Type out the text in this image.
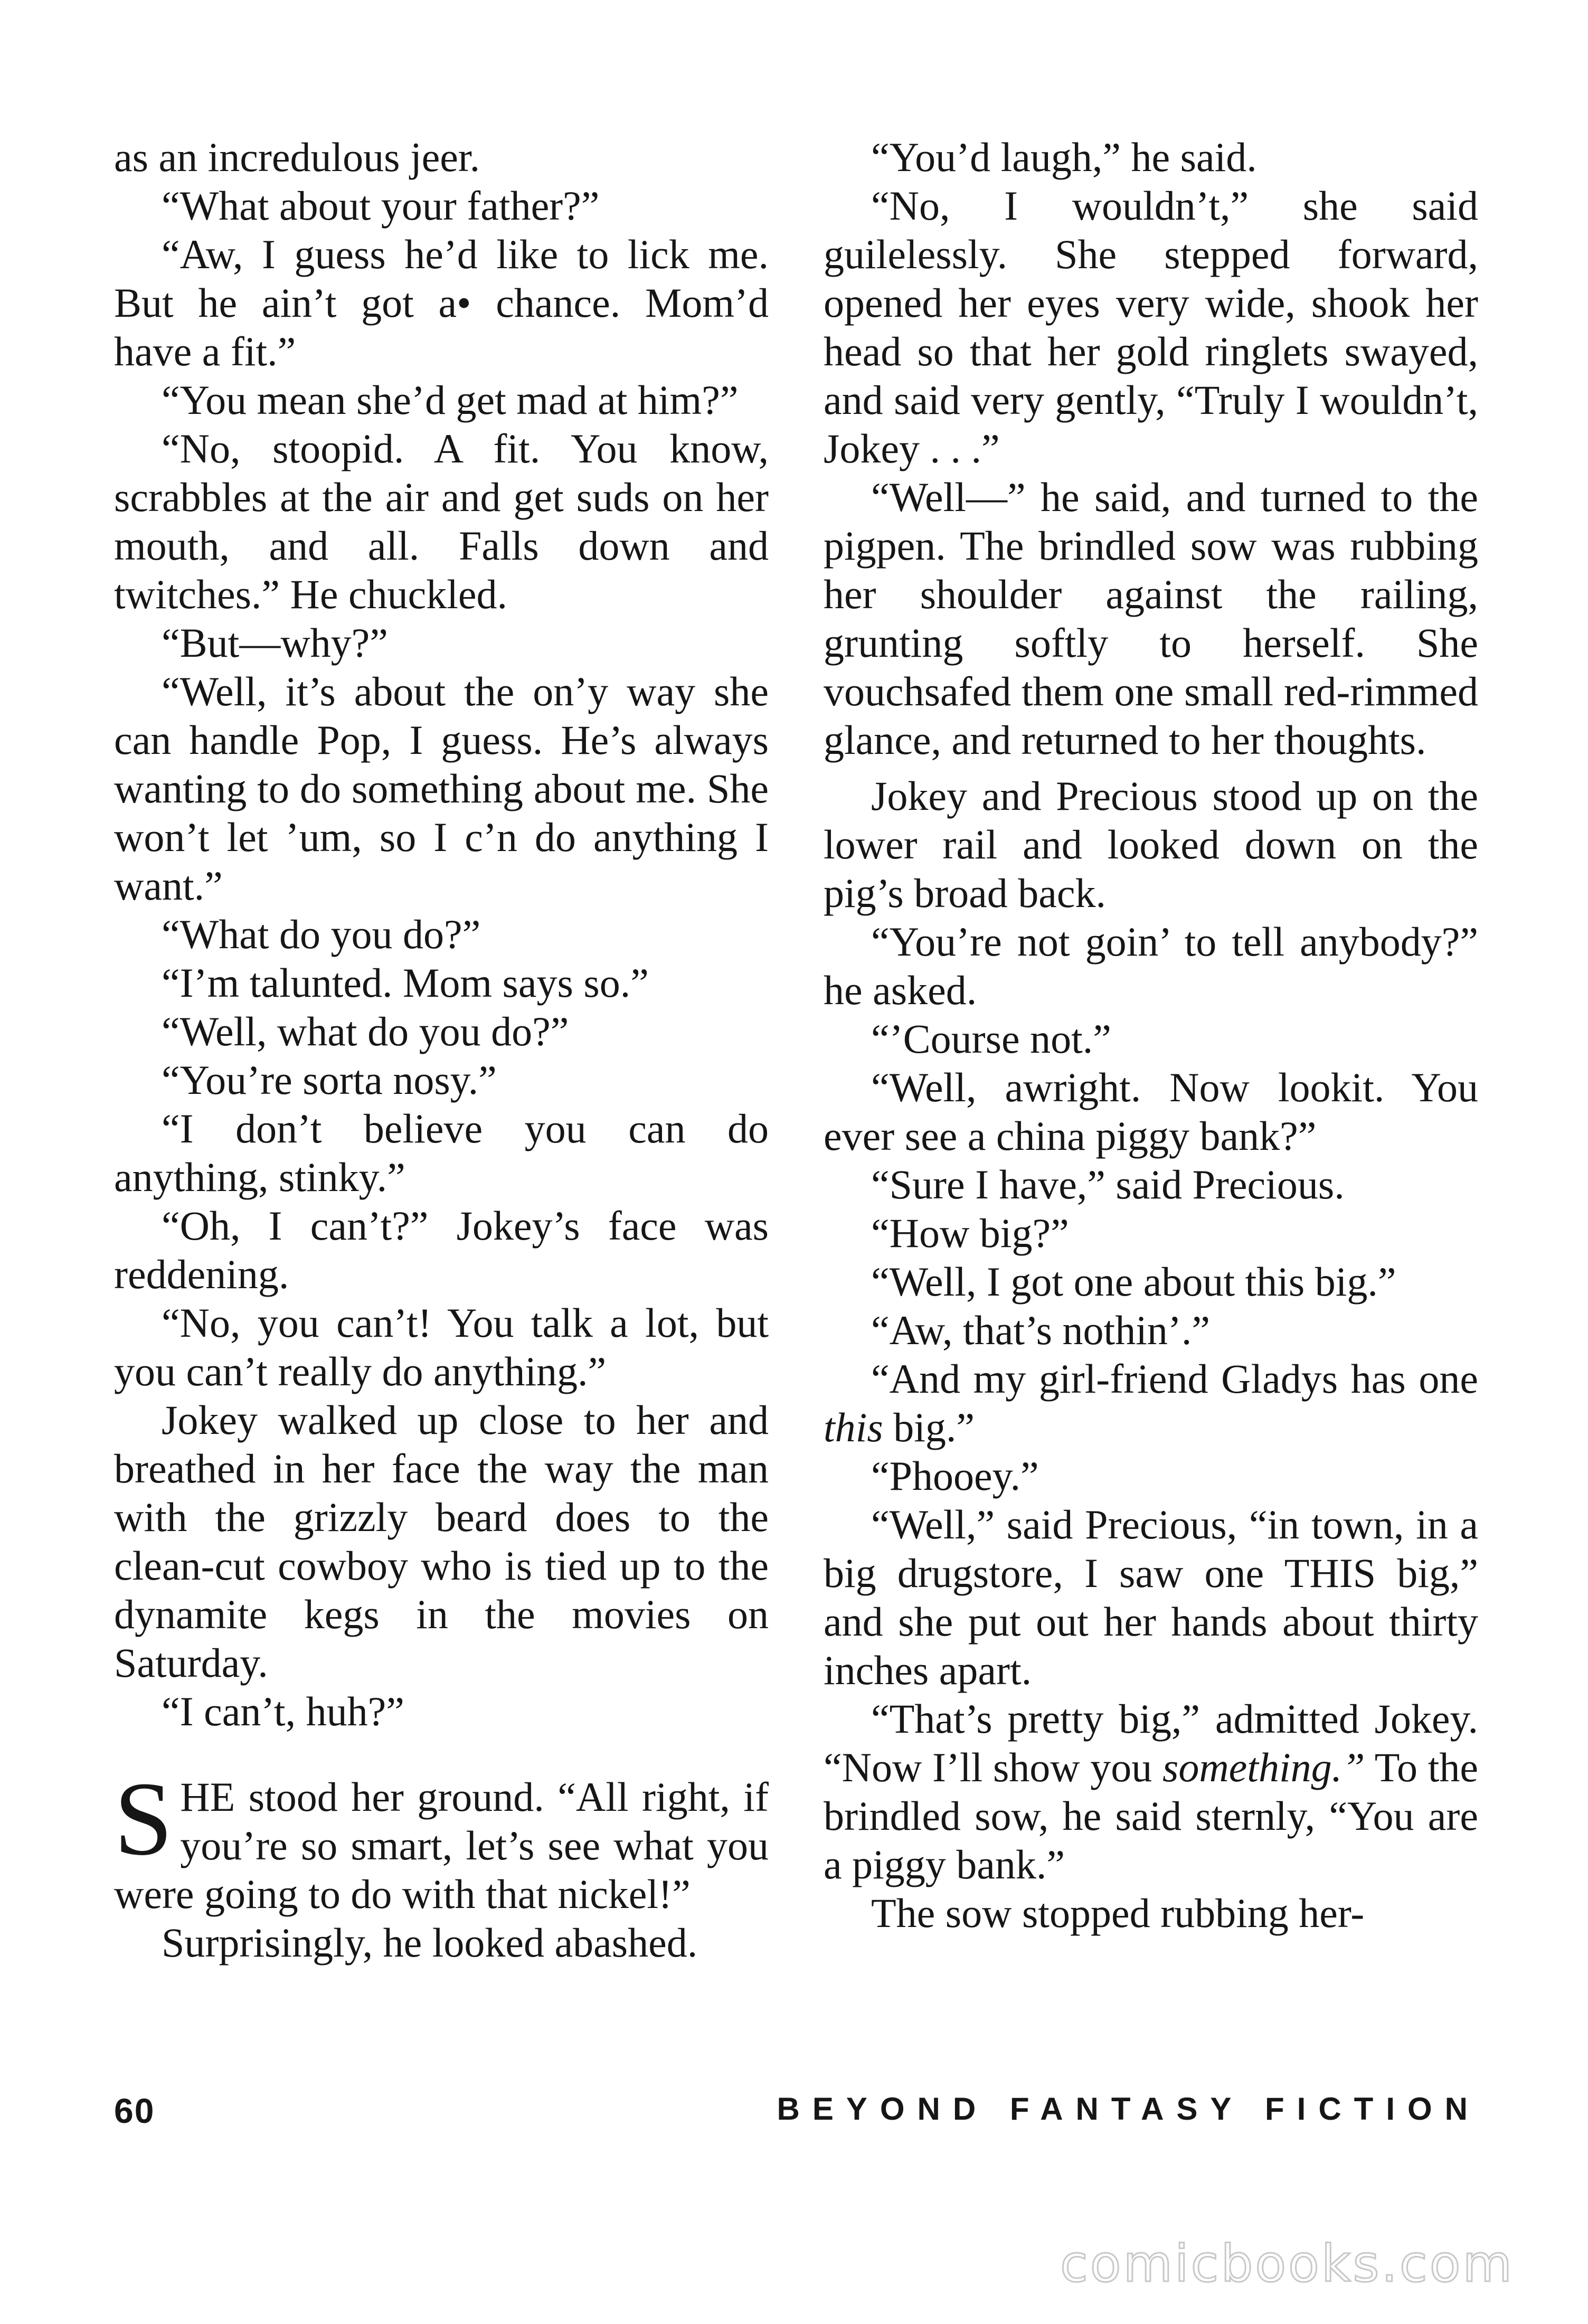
as an incredulous jeer.

“What about your father?”

“Aw, I guess he’d like to lick me. But he ain’t got a• chance. Mom’d have a fit.”

“You mean she’d get mad at him?”

“No, stoopid. A fit. You know, scrabbles at the air and get suds on her mouth, and all. Falls down and twitches.” He chuckled.

“But—why?”

“Well, it’s about the on’y way she can handle Pop, I guess. He’s always wanting to do something about me. She won’t let ’um, so I c’n do anything I want.”

“What do you do?”

“I’m talunted. Mom says so.”

“Well, what do you do?”

“You’re sorta nosy.”

“I don’t believe you can do anything, stinky.”

“Oh, I can’t?” Jokey’s face was reddening.

“No, you can’t! You talk a lot, but you can’t really do anything.”

Jokey walked up close to her and breathed in her face the way the man with the grizzly beard does to the clean-cut cowboy who is tied up to the dynamite kegs in the movies on Saturday.

“I can’t, huh?”

SHE stood her ground. “All right, if you’re so smart, let’s see what you were going to do with that nickel!”

Surprisingly, he looked abashed.

“You’d laugh,” he said.

“No, I wouldn’t,” she said guilelessly. She stepped forward, opened her eyes very wide, shook her head so that her gold ringlets swayed, and said very gently, “Truly I wouldn’t, Jokey . . .”

“Well—” he said, and turned to the pigpen. The brindled sow was rubbing her shoulder against the railing, grunting softly to herself. She vouchsafed them one small red-rimmed glance, and returned to her thoughts.

Jokey and Precious stood up on the lower rail and looked down on the pig’s broad back.

“You’re not goin’ to tell anybody?” he asked.

“’Course not.”

“Well, awright. Now lookit. You ever see a china piggy bank?”

“Sure I have,” said Precious.

“How big?”

“Well, I got one about this big.”

“Aw, that’s nothin’.”

“And my girl-friend Gladys has one this big.”

“Phooey.”

“Well,” said Precious, “in town, in a big drugstore, I saw one THIS big,” and she put out her hands about thirty inches apart.

“That’s pretty big,” admitted Jokey. “Now I’ll show you something.” To the brindled sow, he said sternly, “You are a piggy bank.”

The sow stopped rubbing her-

60	BEYOND FANTASY FICTION
comicbooks.com
